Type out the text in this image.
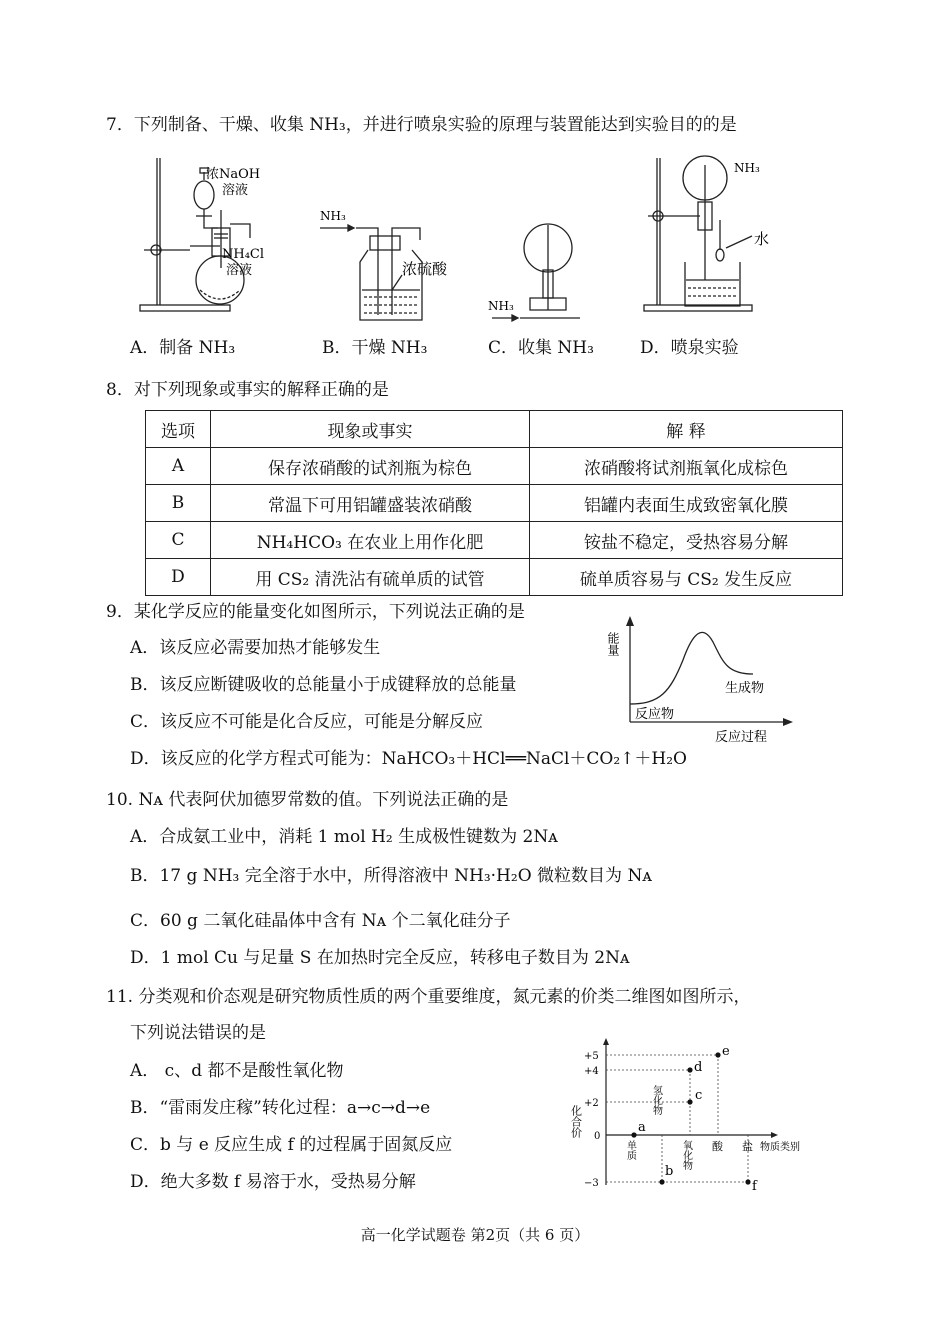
7．下列制备、干燥、收集 NH₃，并进行喷泉实验的原理与装置能达到实验目的的是
浓NaOH
溶液
NH₄Cl
溶液
NH₃
浓硫酸
NH₃
NH₃
水
A．制备 NH₃	B．干燥 NH₃	C．收集 NH₃	D．喷泉实验
8．对下列现象或事实的解释正确的是
选项	现象或事实	解 释
A	保存浓硝酸的试剂瓶为棕色	浓硝酸将试剂瓶氧化成棕色
B	常温下可用铝罐盛装浓硝酸	铝罐内表面生成致密氧化膜
C	NH₄HCO₃ 在农业上用作化肥	铵盐不稳定，受热容易分解
D	用 CS₂ 清洗沾有硫单质的试管	硫单质容易与 CS₂ 发生反应
9．某化学反应的能量变化如图所示，下列说法正确的是
A．该反应必需要加热才能够发生
B．该反应断键吸收的总能量小于成键释放的总能量
C．该反应不可能是化合反应，可能是分解反应
D．该反应的化学方程式可能为：NaHCO₃＋HCl══NaCl＋CO₂↑＋H₂O
能量
反应物
生成物
反应过程
10. Nᴀ 代表阿伏加德罗常数的值。下列说法正确的是
A．合成氨工业中，消耗 1 mol H₂ 生成极性键数为 2Nᴀ
B．17 g NH₃ 完全溶于水中，所得溶液中 NH₃·H₂O 微粒数目为 Nᴀ
C．60 g 二氧化硅晶体中含有 Nᴀ 个二氧化硅分子
D．1 mol Cu 与足量 S 在加热时完全反应，转移电子数目为 2Nᴀ
11. 分类观和价态观是研究物质性质的两个重要维度，氮元素的价类二维图如图所示，
下列说法错误的是
A． c、d 都不是酸性氧化物
B．“雷雨发庄稼”转化过程：a→c→d→e
C．b 与 e 反应生成 f 的过程属于固氮反应
D．绝大多数 f 易溶于水，受热易分解
+5
+4
+2
0
−3
a
b
c
d
e
f
化合价
氢化物
单质	氧化物 酸 盐 物质类别
高一化学试题卷 第2页（共 6 页）
